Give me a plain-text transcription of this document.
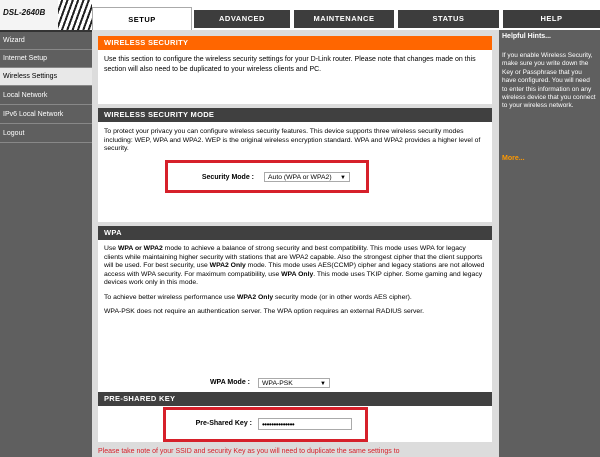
DSL-2640B
Wizard
Internet Setup
Wireless Settings
Local Network
IPv6 Local Network
Logout
SETUP	ADVANCED	MAINTENANCE	STATUS	HELP
WIRELESS SECURITY
Use this section to configure the wireless security settings for your D-Link router. Please note that changes made on this section will also need to be duplicated to your wireless clients and PC.
WIRELESS SECURITY MODE
To protect your privacy you can configure wireless security features. This device supports three wireless security modes including: WEP, WPA and WPA2. WEP is the original wireless encryption standard. WPA and WPA2 provides a higher level of security.
Security Mode :	Auto (WPA or WPA2) ▼
WPA
Use WPA or WPA2 mode to achieve a balance of strong security and best compatibility. This mode uses WPA for legacy clients while maintaining higher security with stations that are WPA2 capable. Also the strongest cipher that the client supports will be used. For best security, use WPA2 Only mode. This mode uses AES(CCMP) cipher and legacy stations are not allowed access with WPA security. For maximum compatibility, use WPA Only. This mode uses TKIP cipher. Some gaming and legacy devices work only in this mode.
To achieve better wireless performance use WPA2 Only security mode (or in other words AES cipher).
WPA-PSK does not require an authentication server. The WPA option requires an external RADIUS server.
WPA Mode :	WPA-PSK	▼
PRE-SHARED KEY
Pre-Shared Key :	••••••••••••••
Please take note of your SSID and security Key as you will need to duplicate the same settings to
Helpful Hints...
If you enable Wireless Security, make sure you write down the Key or Passphrase that you have configured. You will need to enter this information on any wireless device that you connect to your wireless network.
More...
